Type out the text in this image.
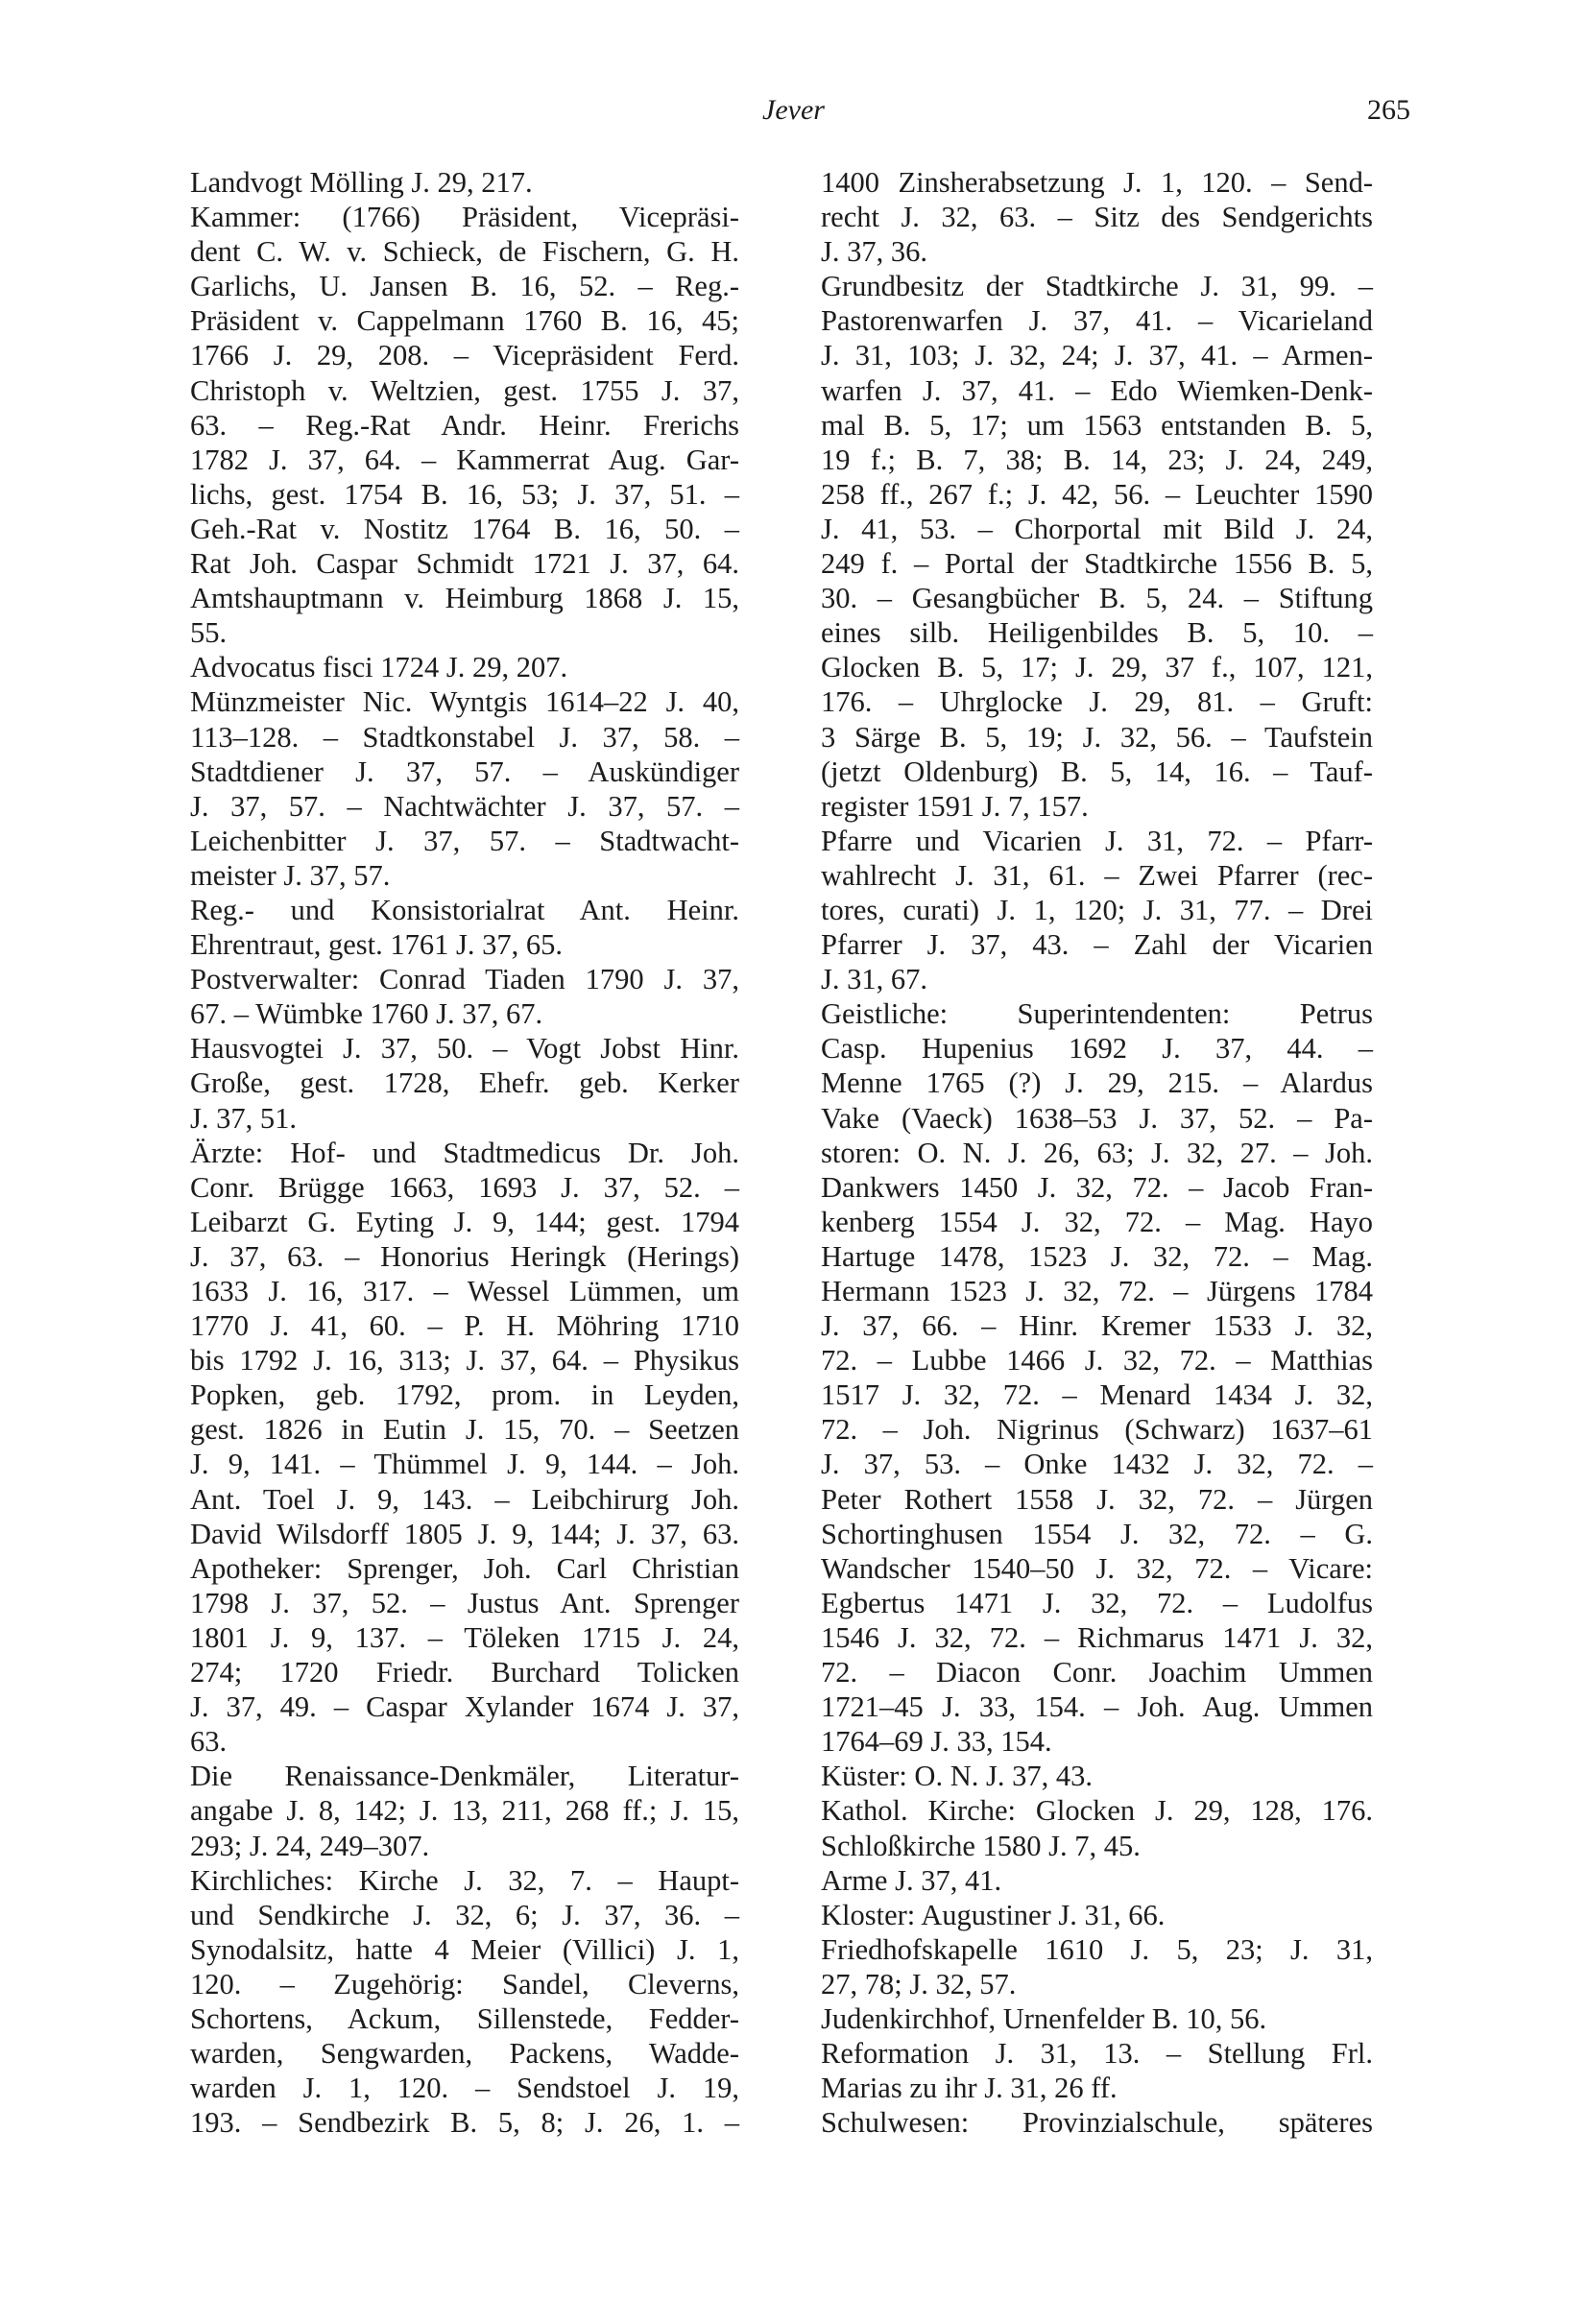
Jever	265
Landvogt Mölling J. 29, 217.
Kammer: (1766) Präsident, Vicepräsi-
dent C. W. v. Schieck, de Fischern, G. H.
Garlichs, U. Jansen B. 16, 52. – Reg.-
Präsident v. Cappelmann 1760 B. 16, 45;
1766 J. 29, 208. – Vicepräsident Ferd.
Christoph v. Weltzien, gest. 1755 J. 37,
63. – Reg.-Rat Andr. Heinr. Frerichs
1782 J. 37, 64. – Kammerrat Aug. Gar-
lichs, gest. 1754 B. 16, 53; J. 37, 51. –
Geh.-Rat v. Nostitz 1764 B. 16, 50. –
Rat Joh. Caspar Schmidt 1721 J. 37, 64.
Amtshauptmann v. Heimburg 1868 J. 15,
55.
Advocatus fisci 1724 J. 29, 207.
Münzmeister Nic. Wyntgis 1614–22 J. 40,
113–128. – Stadtkonstabel J. 37, 58. –
Stadtdiener J. 37, 57. – Auskündiger
J. 37, 57. – Nachtwächter J. 37, 57. –
Leichenbitter J. 37, 57. – Stadtwacht-
meister J. 37, 57.
Reg.- und Konsistorialrat Ant. Heinr.
Ehrentraut, gest. 1761 J. 37, 65.
Postverwalter: Conrad Tiaden 1790 J. 37,
67. – Wümbke 1760 J. 37, 67.
Hausvogtei J. 37, 50. – Vogt Jobst Hinr.
Große, gest. 1728, Ehefr. geb. Kerker
J. 37, 51.
Ärzte: Hof- und Stadtmedicus Dr. Joh.
Conr. Brügge 1663, 1693 J. 37, 52. –
Leibarzt G. Eyting J. 9, 144; gest. 1794
J. 37, 63. – Honorius Heringk (Herings)
1633 J. 16, 317. – Wessel Lümmen, um
1770 J. 41, 60. – P. H. Möhring 1710
bis 1792 J. 16, 313; J. 37, 64. – Physikus
Popken, geb. 1792, prom. in Leyden,
gest. 1826 in Eutin J. 15, 70. – Seetzen
J. 9, 141. – Thümmel J. 9, 144. – Joh.
Ant. Toel J. 9, 143. – Leibchirurg Joh.
David Wilsdorff 1805 J. 9, 144; J. 37, 63.
Apotheker: Sprenger, Joh. Carl Christian
1798 J. 37, 52. – Justus Ant. Sprenger
1801 J. 9, 137. – Töleken 1715 J. 24,
274; 1720 Friedr. Burchard Tolicken
J. 37, 49. – Caspar Xylander 1674 J. 37,
63.
Die Renaissance-Denkmäler, Literatur-
angabe J. 8, 142; J. 13, 211, 268 ff.; J. 15,
293; J. 24, 249–307.
Kirchliches: Kirche J. 32, 7. – Haupt-
und Sendkirche J. 32, 6; J. 37, 36. –
Synodalsitz, hatte 4 Meier (Villici) J. 1,
120. – Zugehörig: Sandel, Cleverns,
Schortens, Ackum, Sillenstede, Fedder-
warden, Sengwarden, Packens, Wadde-
warden J. 1, 120. – Sendstoel J. 19,
193. – Sendbezirk B. 5, 8; J. 26, 1. –
1400 Zinsherabsetzung J. 1, 120. – Send-
recht J. 32, 63. – Sitz des Sendgerichts
J. 37, 36.
Grundbesitz der Stadtkirche J. 31, 99. –
Pastorenwarfen J. 37, 41. – Vicarieland
J. 31, 103; J. 32, 24; J. 37, 41. – Armen-
warfen J. 37, 41. – Edo Wiemken-Denk-
mal B. 5, 17; um 1563 entstanden B. 5,
19 f.; B. 7, 38; B. 14, 23; J. 24, 249,
258 ff., 267 f.; J. 42, 56. – Leuchter 1590
J. 41, 53. – Chorportal mit Bild J. 24,
249 f. – Portal der Stadtkirche 1556 B. 5,
30. – Gesangbücher B. 5, 24. – Stiftung
eines silb. Heiligenbildes B. 5, 10. –
Glocken B. 5, 17; J. 29, 37 f., 107, 121,
176. – Uhrglocke J. 29, 81. – Gruft:
3 Särge B. 5, 19; J. 32, 56. – Taufstein
(jetzt Oldenburg) B. 5, 14, 16. – Tauf-
register 1591 J. 7, 157.
Pfarre und Vicarien J. 31, 72. – Pfarr-
wahlrecht J. 31, 61. – Zwei Pfarrer (rec-
tores, curati) J. 1, 120; J. 31, 77. – Drei
Pfarrer J. 37, 43. – Zahl der Vicarien
J. 31, 67.
Geistliche: Superintendenten: Petrus
Casp. Hupenius 1692 J. 37, 44. –
Menne 1765 (?) J. 29, 215. – Alardus
Vake (Vaeck) 1638–53 J. 37, 52. – Pa-
storen: O. N. J. 26, 63; J. 32, 27. – Joh.
Dankwers 1450 J. 32, 72. – Jacob Fran-
kenberg 1554 J. 32, 72. – Mag. Hayo
Hartuge 1478, 1523 J. 32, 72. – Mag.
Hermann 1523 J. 32, 72. – Jürgens 1784
J. 37, 66. – Hinr. Kremer 1533 J. 32,
72. – Lubbe 1466 J. 32, 72. – Matthias
1517 J. 32, 72. – Menard 1434 J. 32,
72. – Joh. Nigrinus (Schwarz) 1637–61
J. 37, 53. – Onke 1432 J. 32, 72. –
Peter Rothert 1558 J. 32, 72. – Jürgen
Schortinghusen 1554 J. 32, 72. – G.
Wandscher 1540–50 J. 32, 72. – Vicare:
Egbertus 1471 J. 32, 72. – Ludolfus
1546 J. 32, 72. – Richmarus 1471 J. 32,
72. – Diacon Conr. Joachim Ummen
1721–45 J. 33, 154. – Joh. Aug. Ummen
1764–69 J. 33, 154.
Küster: O. N. J. 37, 43.
Kathol. Kirche: Glocken J. 29, 128, 176.
Schloßkirche 1580 J. 7, 45.
Arme J. 37, 41.
Kloster: Augustiner J. 31, 66.
Friedhofskapelle 1610 J. 5, 23; J. 31,
27, 78; J. 32, 57.
Judenkirchhof, Urnenfelder B. 10, 56.
Reformation J. 31, 13. – Stellung Frl.
Marias zu ihr J. 31, 26 ff.
Schulwesen: Provinzialschule, späteres
